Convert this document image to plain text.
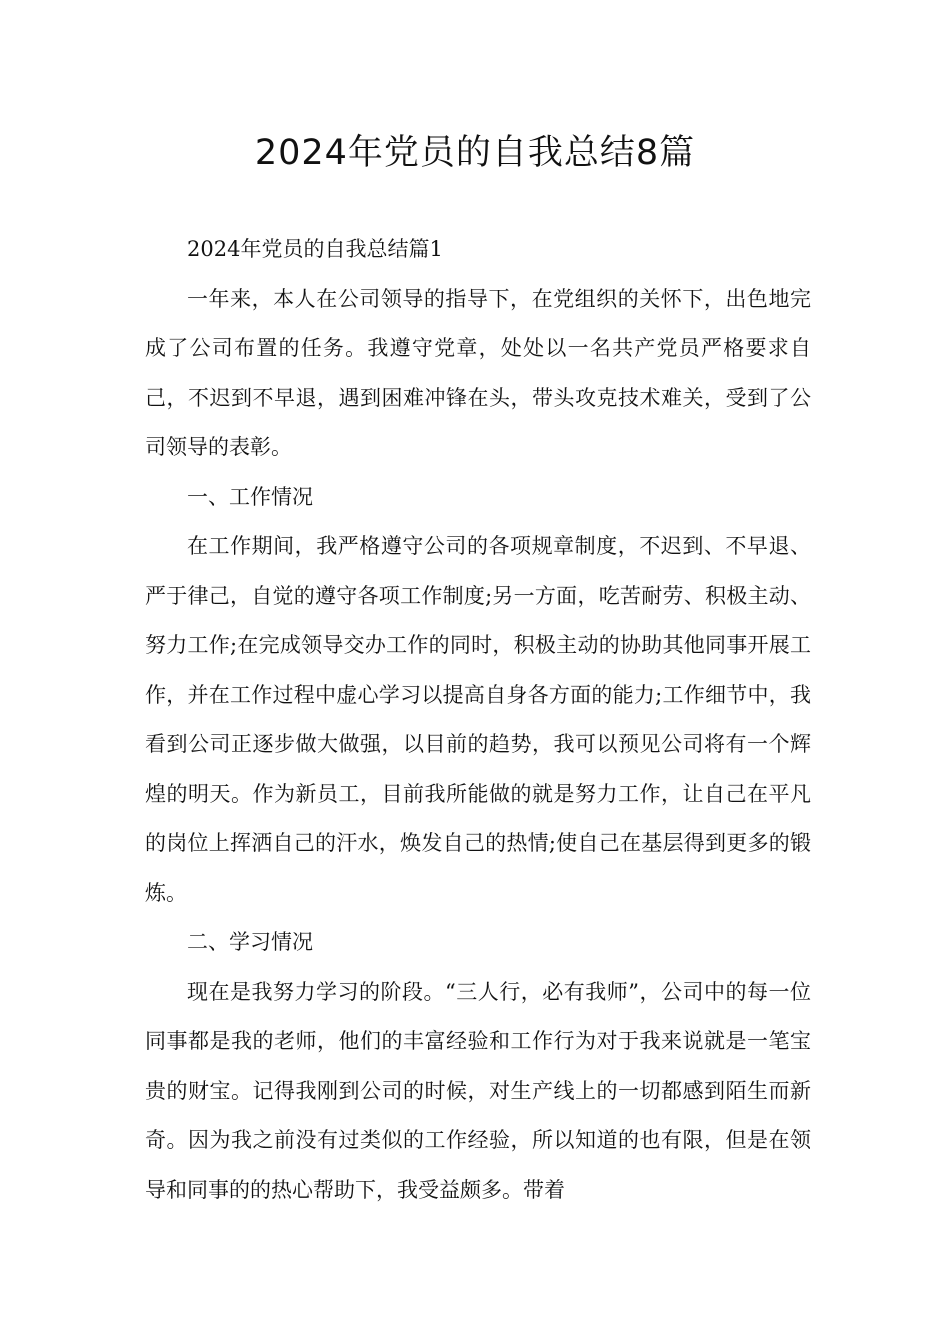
2024年党员的自我总结8篇

2024年党员的自我总结篇1

一年来，本人在公司领导的指导下，在党组织的关怀下，出色地完成了公司布置的任务。我遵守党章，处处以一名共产党员严格要求自己，不迟到不早退，遇到困难冲锋在头，带头攻克技术难关，受到了公司领导的表彰。

一、工作情况

在工作期间，我严格遵守公司的各项规章制度，不迟到、不早退、严于律己，自觉的遵守各项工作制度;另一方面，吃苦耐劳、积极主动、努力工作;在完成领导交办工作的同时，积极主动的协助其他同事开展工作，并在工作过程中虚心学习以提高自身各方面的能力;工作细节中，我看到公司正逐步做大做强，以目前的趋势，我可以预见公司将有一个辉煌的明天。作为新员工，目前我所能做的就是努力工作，让自己在平凡的岗位上挥洒自己的汗水，焕发自己的热情;使自己在基层得到更多的锻炼。

二、学习情况

现在是我努力学习的阶段。“三人行，必有我师”，公司中的每一位同事都是我的老师，他们的丰富经验和工作行为对于我来说就是一笔宝贵的财宝。记得我刚到公司的时候，对生产线上的一切都感到陌生而新奇。因为我之前没有过类似的工作经验，所以知道的也有限，但是在领导和同事的的热心帮助下，我受益颇多。带着
